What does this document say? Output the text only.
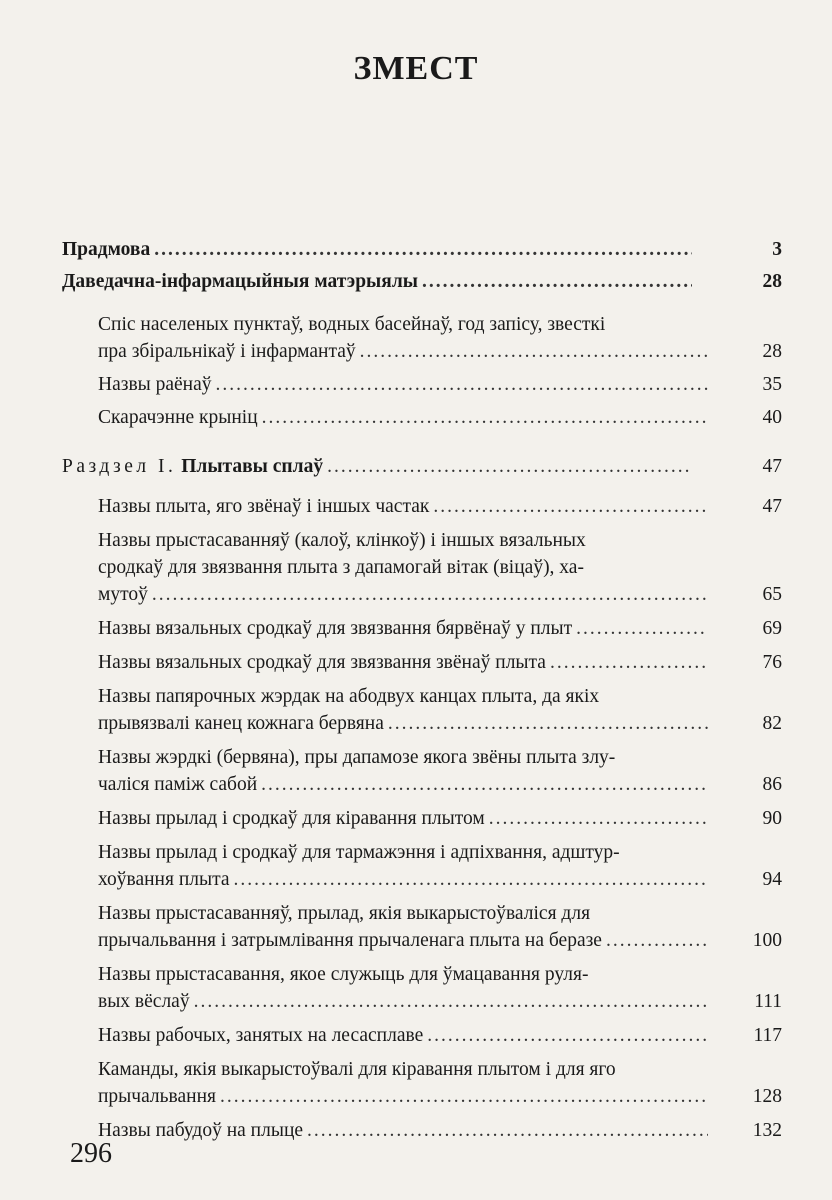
ЗМЕСТ
Прадмова .....	3
Даведачна-інфармацыйныя матэрыялы .....	28
Спіс населеных пунктаў, водных басейнаў, год запісу, звесткі
пра збіральнікаў і інфармантаў .....	28
Назвы раёнаў .....	35
Скарачэнне крыніц .....	40
Раздзел I. Плытавы сплаў .....	47
Назвы плыта, яго звёнаў і іншых частак .....	47
Назвы прыстасаванняў (калоў, клінкоў) і іншых вязальных
сродкаў для звязвання плыта з дапамогай вітак (віцаў), ха-
мутоў .....	65
Назвы вязальных сродкаў для звязвання бярвёнаў у плыт .....	69
Назвы вязальных сродкаў для звязвання звёнаў плыта .....	76
Назвы папярочных жэрдак на абодвух канцах плыта, да якіх
прывязвалі канец кожнага бервяна .....	82
Назвы жэрдкі (бервяна), пры дапамозе якога звёны плыта злу-
чаліся паміж сабой .....	86
Назвы прылад і сродкаў для кіравання плытом .....	90
Назвы прылад і сродкаў для тармажэння і адпіхвання, адштур-
хоўвання плыта .....	94
Назвы прыстасаванняў, прылад, якія выкарыстоўваліся для
прычальвання і затрымлівання прычаленага плыта на беразе .....	100
Назвы прыстасавання, якое служыць для ўмацавання руля-
вых вёслаў .....	111
Назвы рабочых, занятых на лесасплаве .....	117
Каманды, якія выкарыстоўвалі для кіравання плытом і для яго
прычальвання .....	128
Назвы пабудоў на плыце .....	132
296
